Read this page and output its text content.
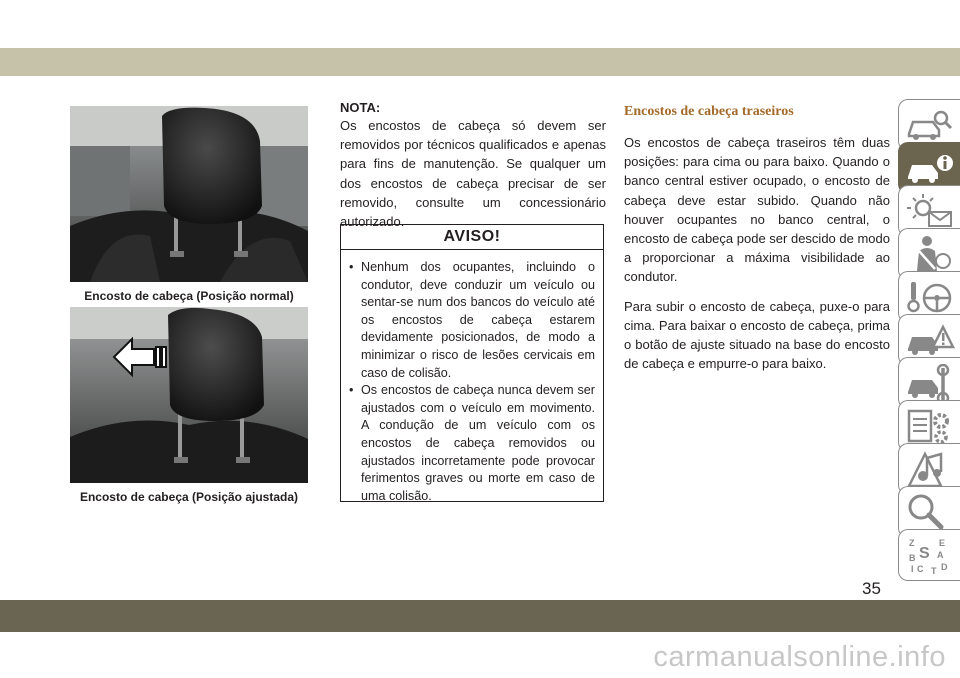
Encosto de cabeça (Posição normal)
Encosto de cabeça (Posição ajustada)

NOTA:

Os encostos de cabeça só devem ser removidos por técnicos qualificados e apenas para fins de manutenção. Se qualquer um dos encostos de cabeça precisar de ser removido, consulte um concessionário autorizado.

AVISO!
• Nenhum dos ocupantes, incluindo o condutor, deve conduzir um veículo ou sentar-se num dos bancos do veículo até os encostos de cabeça estarem devidamente posicionados, de modo a minimizar o risco de lesões cervicais em caso de colisão.
• Os encostos de cabeça nunca devem ser ajustados com o veículo em movimento. A condução de um veículo com os encostos de cabeça removidos ou ajustados incorretamente pode provocar ferimentos graves ou morte em caso de uma colisão.
Encostos de cabeça traseiros

Os encostos de cabeça traseiros têm duas posições: para cima ou para baixo. Quando o banco central estiver ocupado, o encosto de cabeça deve estar subido. Quando não houver ocupantes no banco central, o encosto de cabeça pode ser descido de modo a proporcionar a máxima visibilidade ao condutor.

Para subir o encosto de cabeça, puxe-o para cima. Para baixar o encosto de cabeça, prima o botão de ajuste situado na base do encosto de cabeça e empurre-o para baixo.

Z	E
S A
B
C D
I T
35
carmanualsonline.info
